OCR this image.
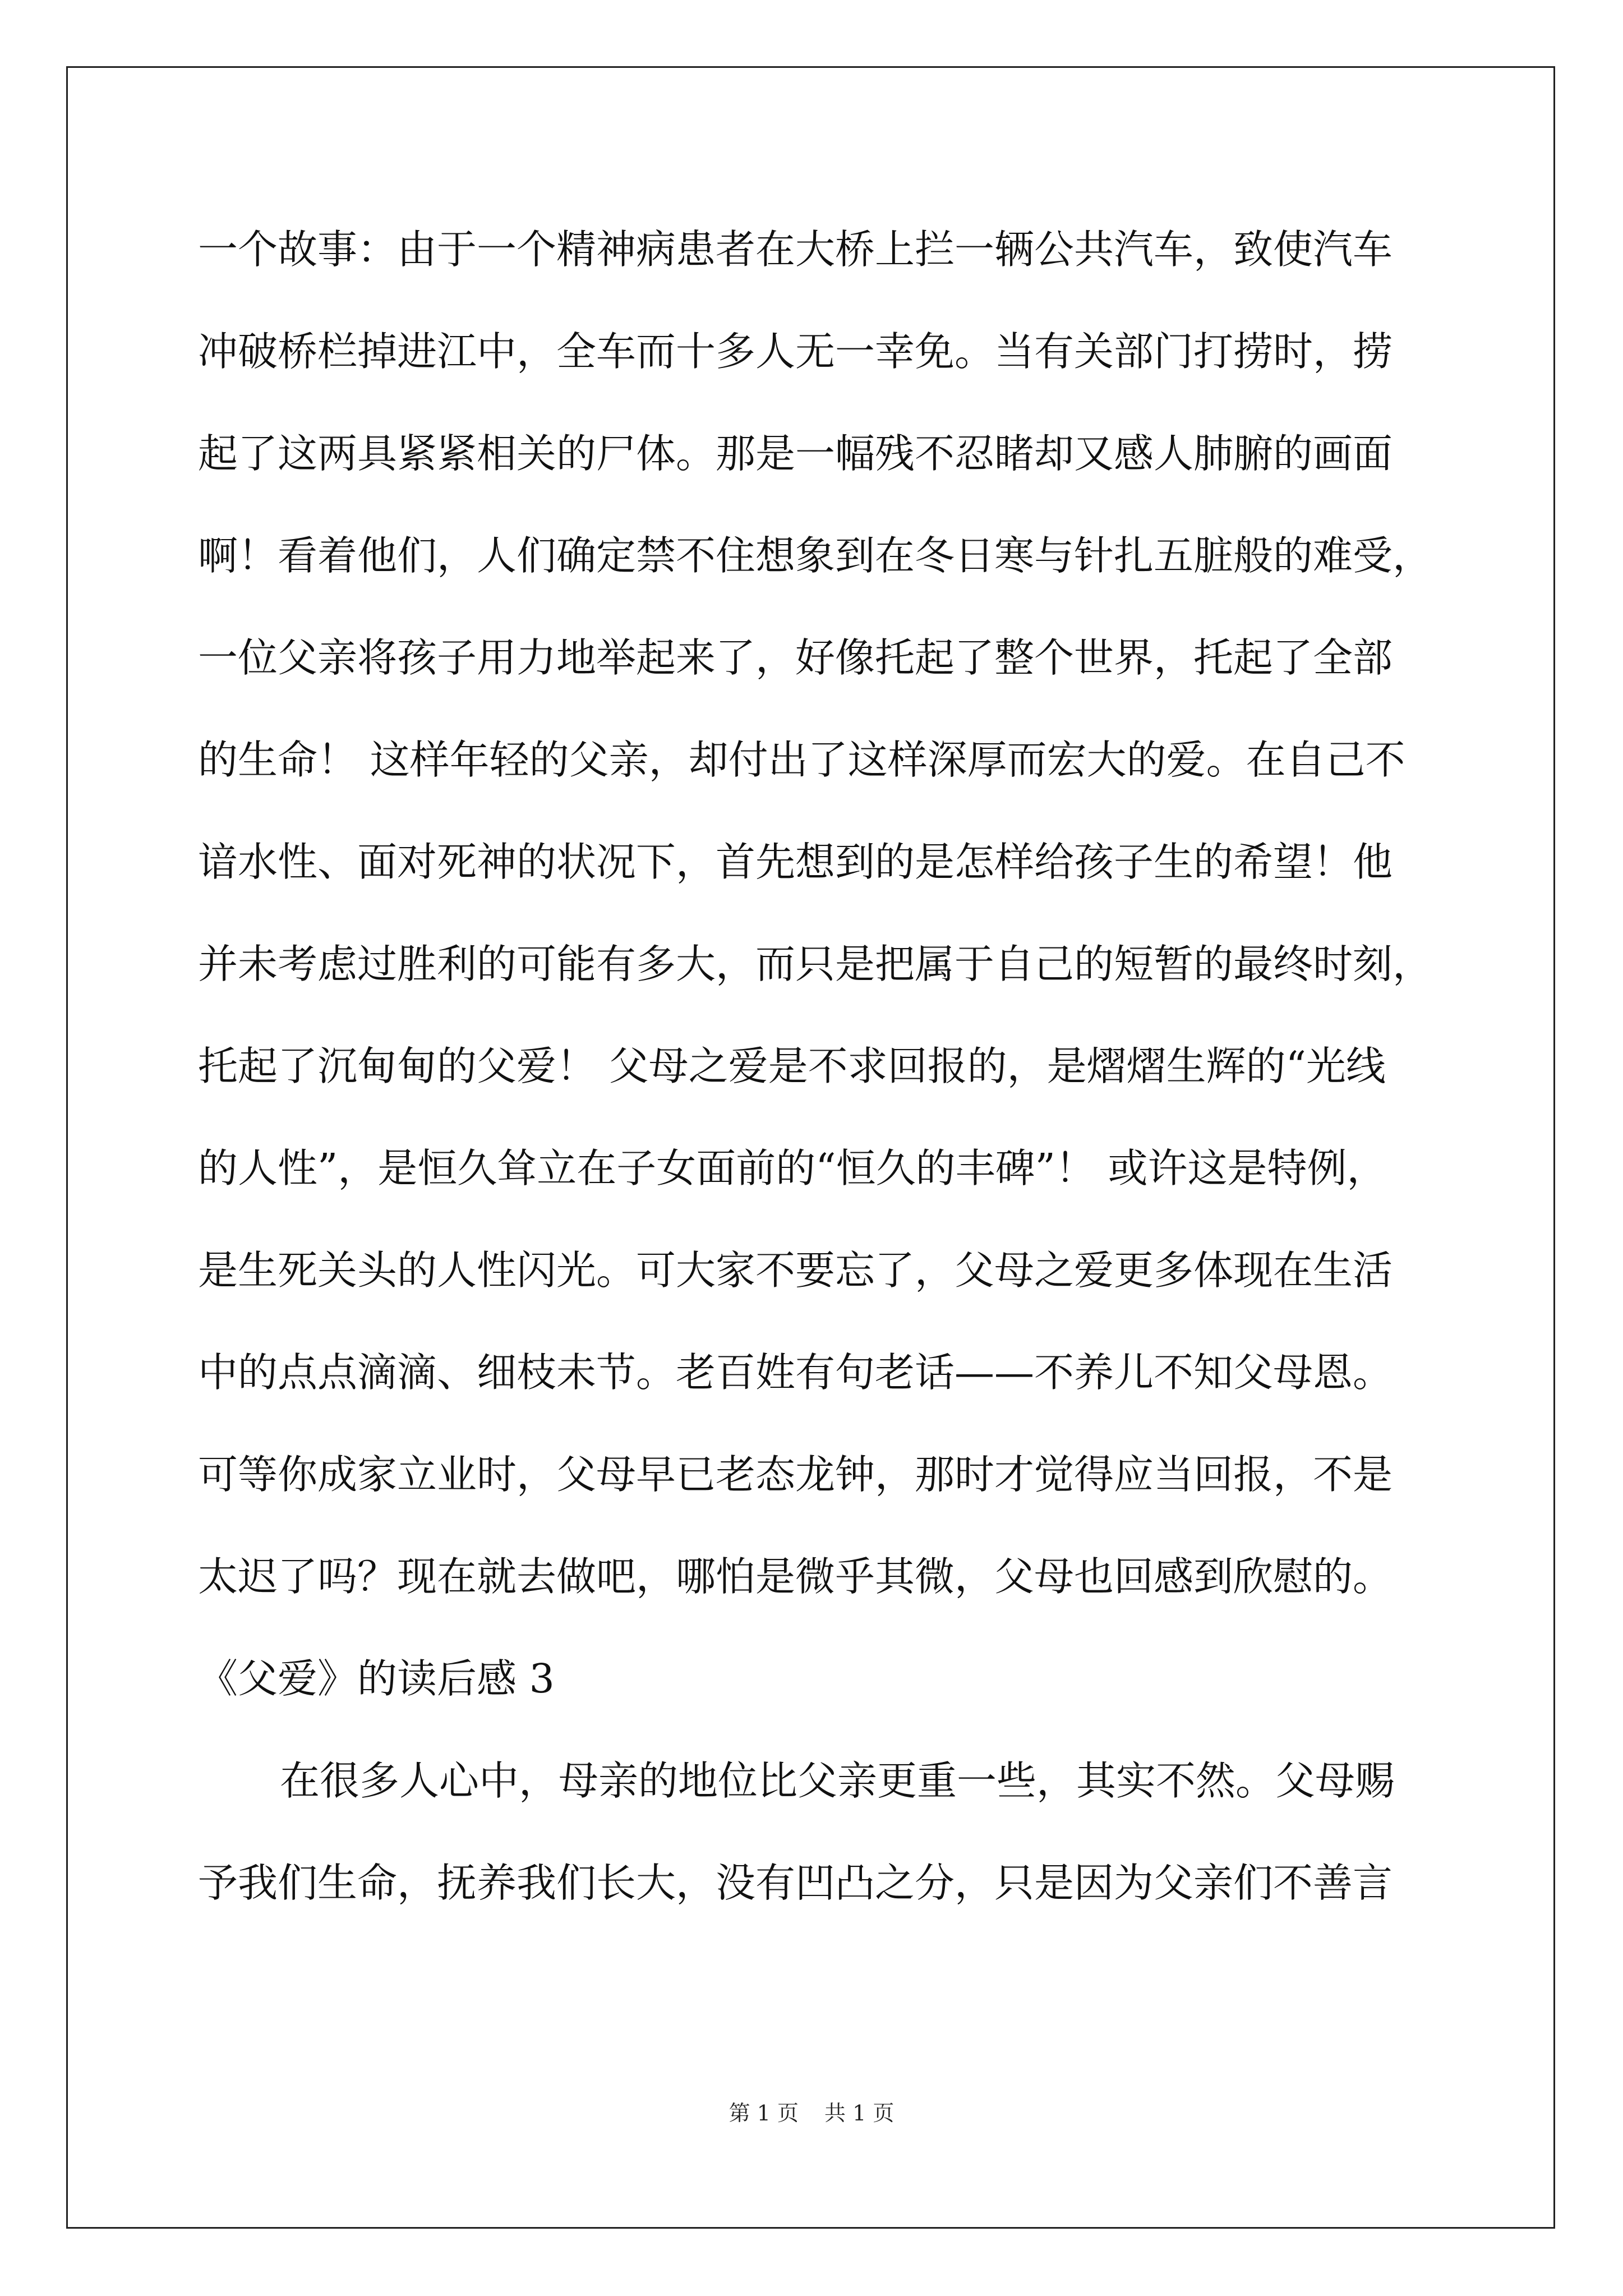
一个故事：由于一个精神病患者在大桥上拦一辆公共汽车，致使汽车
冲破桥栏掉进江中，全车而十多人无一幸免。当有关部门打捞时，捞
起了这两具紧紧相关的尸体。那是一幅残不忍睹却又感人肺腑的画面
啊！看着他们，人们确定禁不住想象到在冬日寒与针扎五脏般的难受，
一位父亲将孩子用力地举起来了，好像托起了整个世界，托起了全部
的生命！ 这样年轻的父亲，却付出了这样深厚而宏大的爱。在自己不
谙水性、面对死神的状况下，首先想到的是怎样给孩子生的希望！他
并未考虑过胜利的可能有多大，而只是把属于自己的短暂的最终时刻，
托起了沉甸甸的父爱！ 父母之爱是不求回报的，是熠熠生辉的“光线
的人性”，是恒久耸立在子女面前的“恒久的丰碑”！ 或许这是特例，
是生死关头的人性闪光。可大家不要忘了，父母之爱更多体现在生活
中的点点滴滴、细枝未节。老百姓有句老话——不养儿不知父母恩。
可等你成家立业时，父母早已老态龙钟，那时才觉得应当回报，不是
太迟了吗？现在就去做吧，哪怕是微乎其微，父母也回感到欣慰的。
《父爱》的读后感 3
在很多人心中，母亲的地位比父亲更重一些，其实不然。父母赐
予我们生命，抚养我们长大，没有凹凸之分，只是因为父亲们不善言
第 1 页 共 1 页
